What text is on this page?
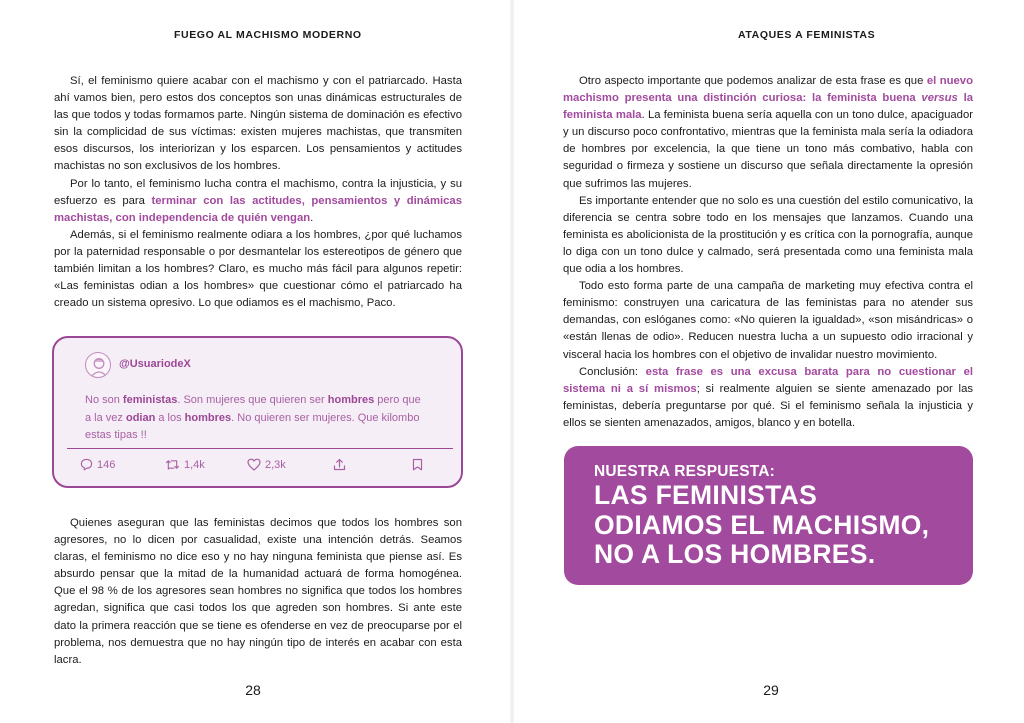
FUEGO AL MACHISMO MODERNO

Sí, el feminismo quiere acabar con el machismo y con el patriarcado. Hasta ahí vamos bien, pero estos dos conceptos son unas dinámicas estructurales de las que todos y todas formamos parte. Ningún sistema de dominación es efectivo sin la complicidad de sus víctimas: existen mujeres machistas, que transmiten esos discursos, los interiorizan y los esparcen. Los pensamientos y actitudes machistas no son exclusivos de los hombres.

Por lo tanto, el feminismo lucha contra el machismo, contra la injusticia, y su esfuerzo es para terminar con las actitudes, pensamientos y dinámicas machistas, con independencia de quién vengan.

Además, si el feminismo realmente odiara a los hombres, ¿por qué luchamos por la paternidad responsable o por desmantelar los estereotipos de género que también limitan a los hombres? Claro, es mucho más fácil para algunos repetir: «Las feministas odian a los hombres» que cuestionar cómo el patriarcado ha creado un sistema opresivo. Lo que odiamos es el machismo, Paco.

@UsuariodeX
No son feministas. Son mujeres que quieren ser hombres pero que a la vez odian a los hombres. No quieren ser mujeres. Que kilombo estas tipas !!
146	1,4k	2,3k

Quienes aseguran que las feministas decimos que todos los hombres son agresores, no lo dicen por casualidad, existe una intención detrás. Seamos claras, el feminismo no dice eso y no hay ninguna feminista que piense así. Es absurdo pensar que la mitad de la humanidad actuará de forma homogénea. Que el 98 % de los agresores sean hombres no significa que todos los hombres agredan, significa que casi todos los que agreden son hombres. Si ante este dato la primera reacción que se tiene es ofenderse en vez de preocuparse por el problema, nos demuestra que no hay ningún tipo de interés en acabar con esta lacra.

28
ATAQUES A FEMINISTAS

Otro aspecto importante que podemos analizar de esta frase es que el nuevo machismo presenta una distinción curiosa: la feminista buena versus la feminista mala. La feminista buena sería aquella con un tono dulce, apaciguador y un discurso poco confrontativo, mientras que la feminista mala sería la odiadora de hombres por excelencia, la que tiene un tono más combativo, habla con seguridad o firmeza y sostiene un discurso que señala directamente la opresión que sufrimos las mujeres.

Es importante entender que no solo es una cuestión del estilo comunicativo, la diferencia se centra sobre todo en los mensajes que lanzamos. Cuando una feminista es abolicionista de la prostitución y es crítica con la pornografía, aunque lo diga con un tono dulce y calmado, será presentada como una feminista mala que odia a los hombres.

Todo esto forma parte de una campaña de marketing muy efectiva contra el feminismo: construyen una caricatura de las feministas para no atender sus demandas, con eslóganes como: «No quieren la igualdad», «son misándricas» o «están llenas de odio». Reducen nuestra lucha a un supuesto odio irracional y visceral hacia los hombres con el objetivo de invalidar nuestro movimiento.

Conclusión: esta frase es una excusa barata para no cuestionar el sistema ni a sí mismos; si realmente alguien se siente amenazado por las feministas, debería preguntarse por qué. Si el feminismo señala la injusticia y ellos se sienten amenazados, amigos, blanco y en botella.

NUESTRA RESPUESTA:
LAS FEMINISTAS
ODIAMOS EL MACHISMO,
NO A LOS HOMBRES.
29
